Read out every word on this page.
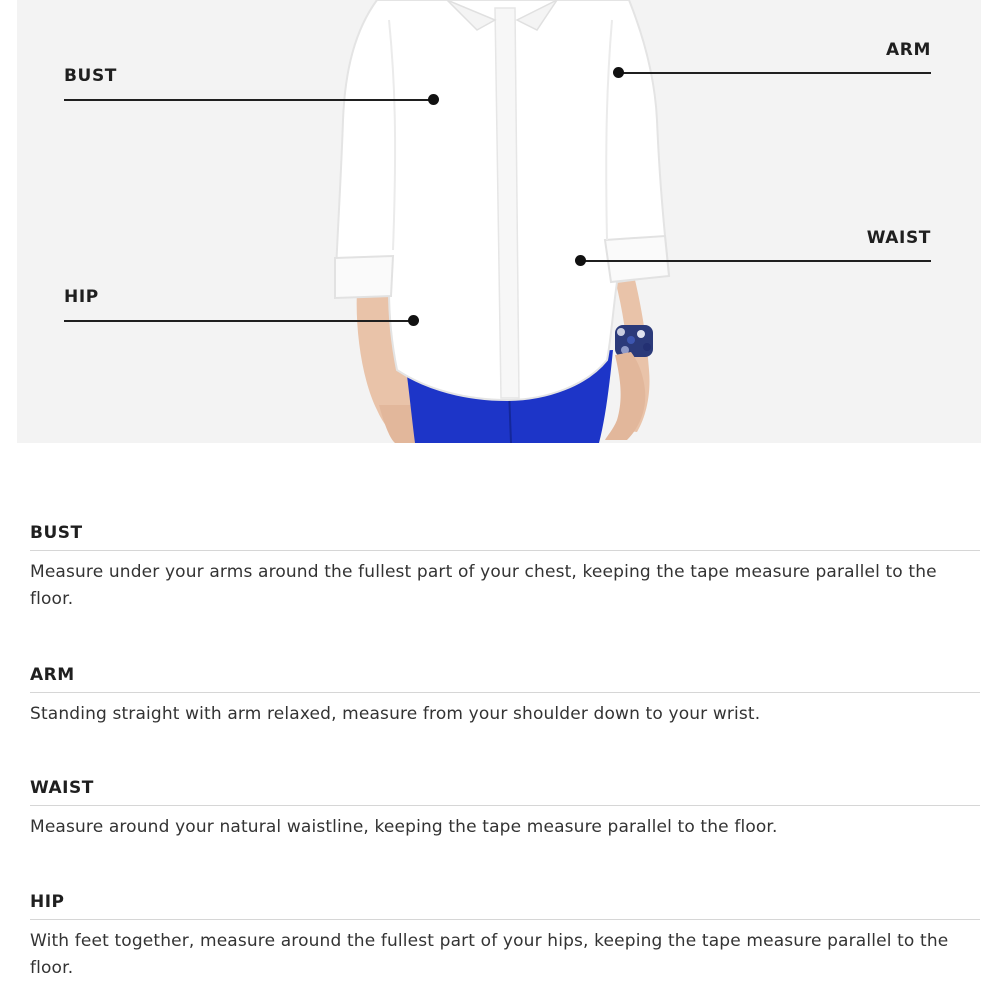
BUST
ARM
WAIST
HIP
BUST
Measure under your arms around the fullest part of your chest, keeping the tape measure parallel to the floor.
ARM
Standing straight with arm relaxed, measure from your shoulder down to your wrist.
WAIST
Measure around your natural waistline, keeping the tape measure parallel to the floor.
HIP
With feet together, measure around the fullest part of your hips, keeping the tape measure parallel to the floor.
